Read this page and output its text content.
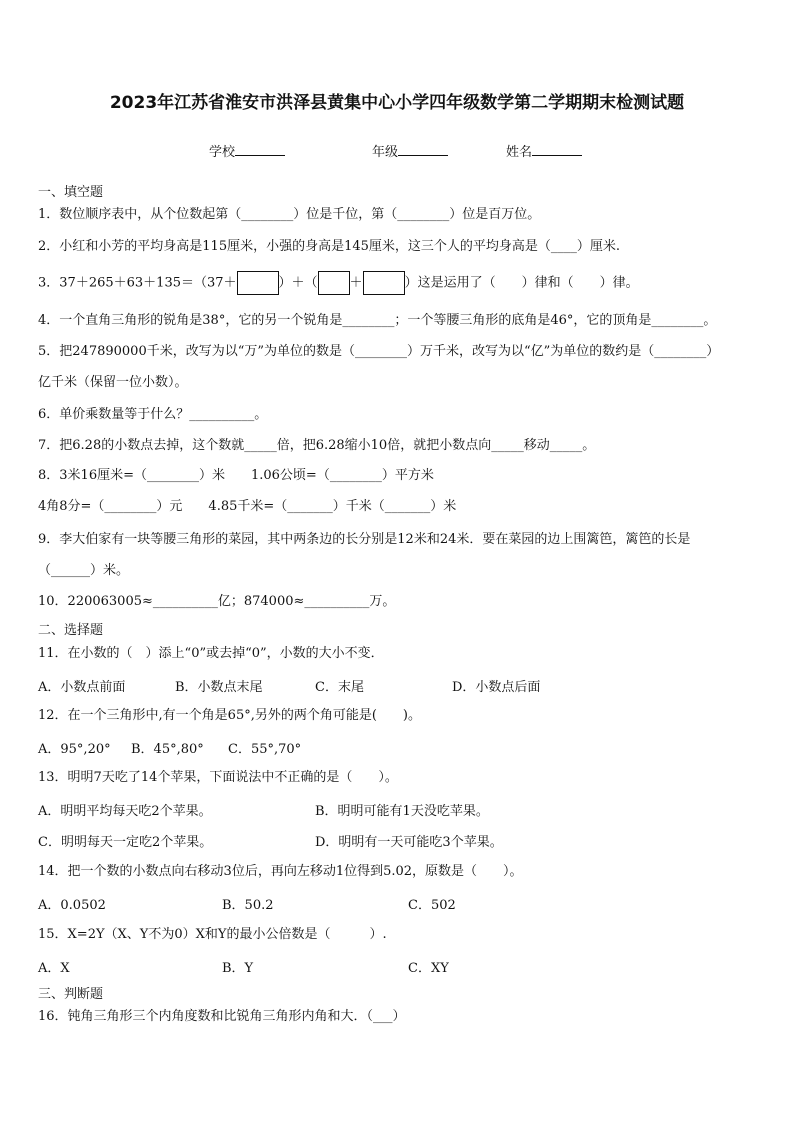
2023年江苏省淮安市洪泽县黄集中心小学四年级数学第二学期期末检测试题
学校	年级	姓名
一、填空题
1．数位顺序表中，从个位数起第（________）位是千位，第（________）位是百万位。
2．小红和小芳的平均身高是115厘米，小强的身高是145厘米，这三个人的平均身高是（____）厘米.
3．37＋265＋63＋135＝（37＋	）＋（ ＋	）这是运用了（　　）律和（　　）律。
4．一个直角三角形的锐角是38°，它的另一个锐角是________；一个等腰三角形的底角是46°，它的顶角是________。
5．把247890000千米，改写为以“万”为单位的数是（________）万千米，改写为以“亿”为单位的数约是（________）
亿千米（保留一位小数）。
6．单价乘数量等于什么？__________。
7．把6.28的小数点去掉，这个数就_____倍，把6.28缩小10倍，就把小数点向_____移动_____。
8．3米16厘米=（________）米　　1.06公顷=（________）平方米
4角8分=（________）元　　4.85千米=（_______）千米（_______）米
9．李大伯家有一块等腰三角形的菜园，其中两条边的长分别是12米和24米．要在菜园的边上围篱笆，篱笆的长是
（______）米。
10．220063005≈__________亿；874000≈__________万。
二、选择题
11．在小数的（　）添上“0”或去掉“0”，小数的大小不变．
A．小数点前面	B．小数点末尾	C．末尾	D．小数点后面
12．在一个三角形中,有一个角是65°,另外的两个角可能是(　　)。
A．95°,20° B．45°,80° C．55°,70°
13．明明7天吃了14个苹果，下面说法中不正确的是（　　）。
A．明明平均每天吃2个苹果。	B．明明可能有1天没吃苹果。
C．明明每天一定吃2个苹果。	D．明明有一天可能吃3个苹果。
14．把一个数的小数点向右移动3位后，再向左移动1位得到5.02，原数是（　　）。
A．0.0502	B．50.2	C．502
15．X=2Y（X、Y不为0）X和Y的最小公倍数是（　　　）.
A．X	B．Y	C．XY
三、判断题
16．钝角三角形三个内角度数和比锐角三角形内角和大．（___）
